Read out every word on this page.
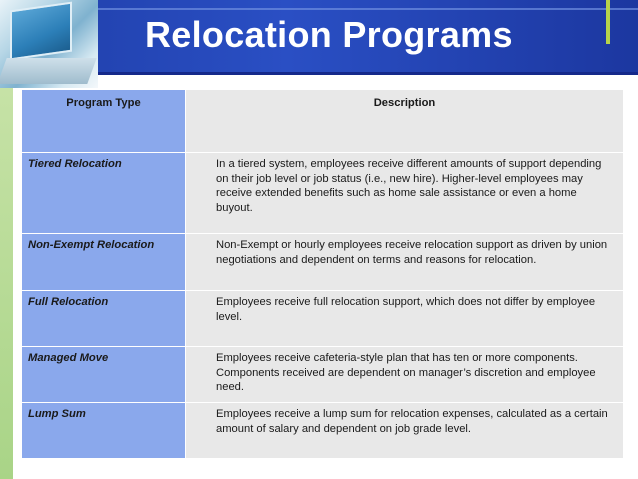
Relocation Programs
Program Type	Description
Tiered Relocation	In a tiered system, employees receive different amounts of support depending on their job level or job status (i.e., new hire). Higher-level employees may receive extended benefits such as home sale assistance or even a home buyout.
Non-Exempt Relocation	Non-Exempt or hourly employees receive relocation support as driven by union negotiations and dependent on terms and reasons for relocation.
Full Relocation	Employees receive full relocation support, which does not differ by employee level.
Managed Move	Employees receive cafeteria-style plan that has ten or more components. Components received are dependent on manager’s discretion and employee need.
Lump Sum	Employees receive a lump sum for relocation expenses, calculated as a certain amount of salary and dependent on job grade level.
